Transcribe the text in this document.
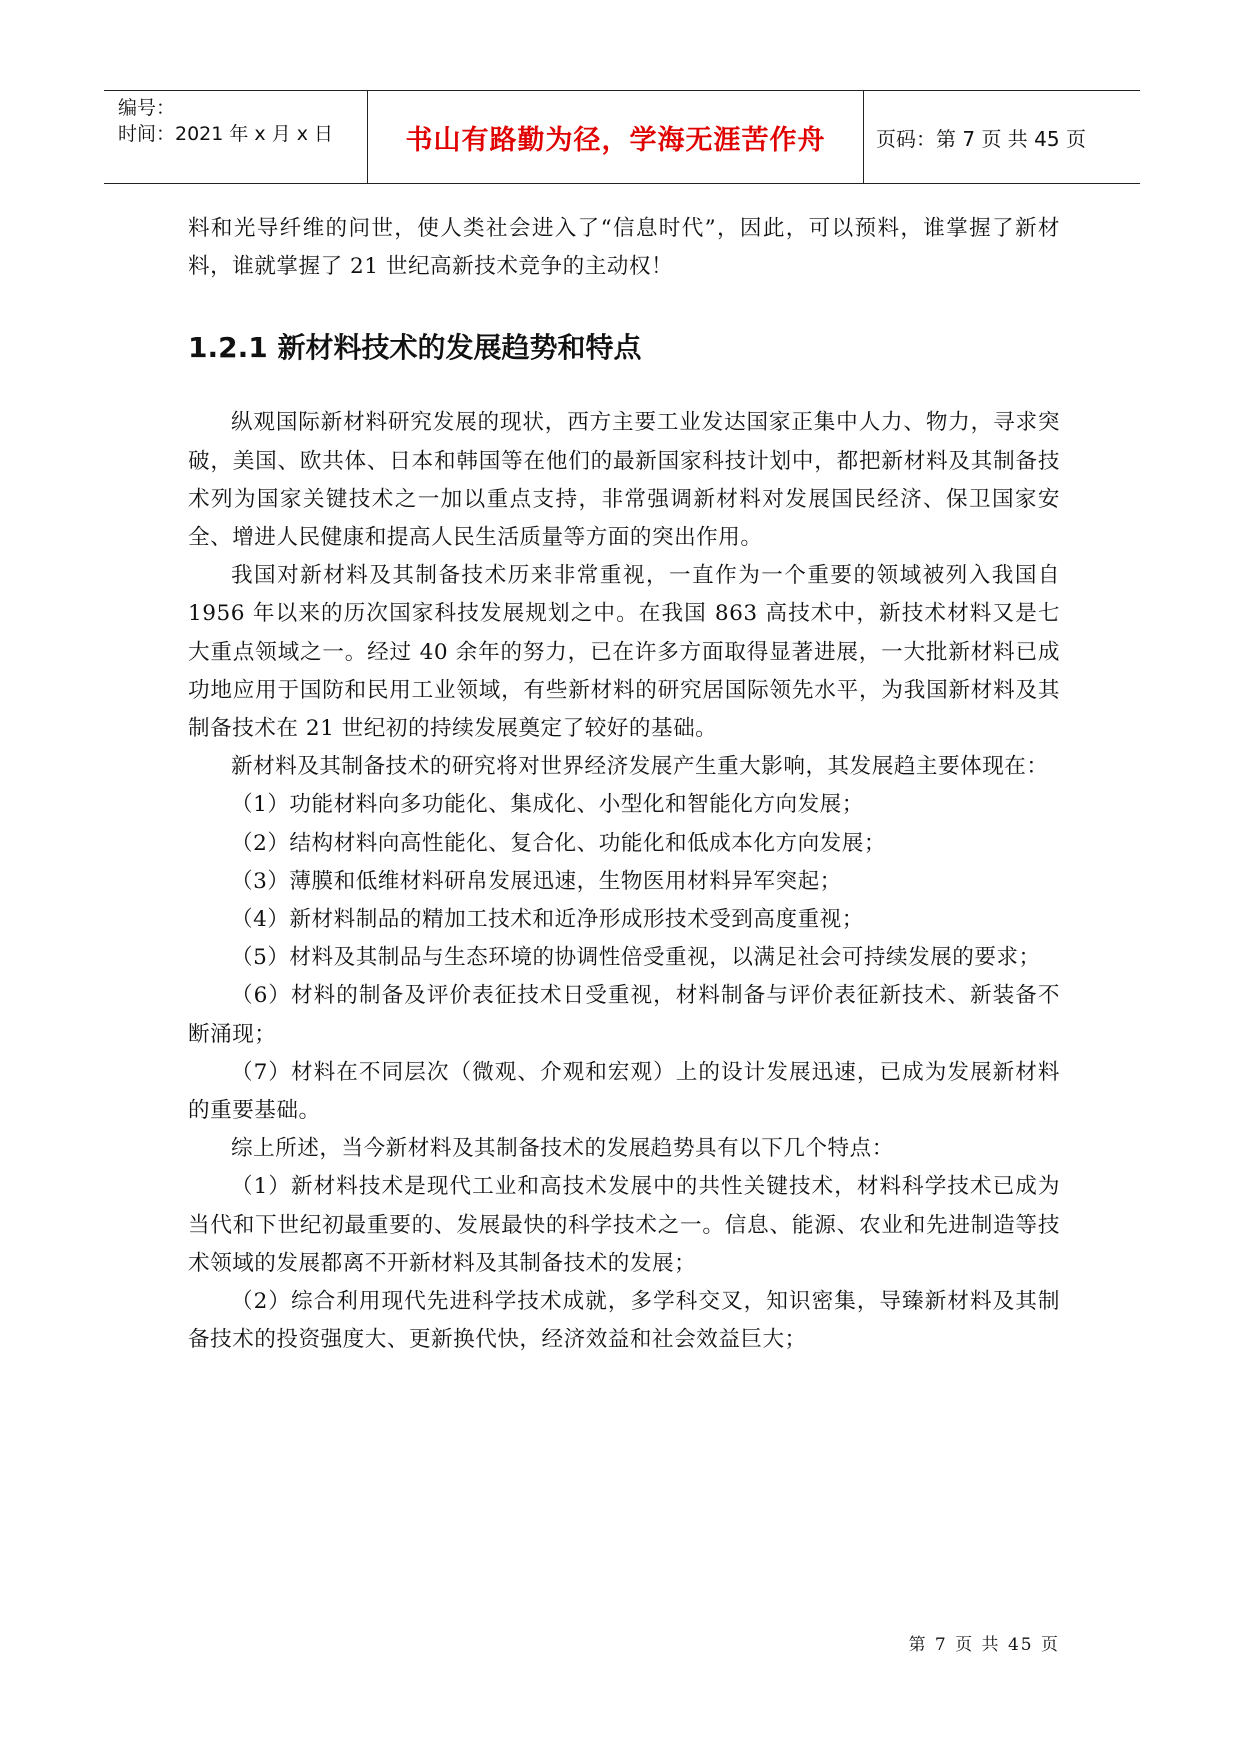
编号：
时间：2021 年 x 月 x 日	书山有路勤为径，学海无涯苦作舟	页码：第 7 页 共 45 页

料和光导纤维的问世，使人类社会进入了“信息时代”，因此，可以预料，谁掌握了新材料，谁就掌握了 21 世纪高新技术竞争的主动权！

1.2.1 新材料技术的发展趋势和特点

纵观国际新材料研究发展的现状，西方主要工业发达国家正集中人力、物力，寻求突破，美国、欧共体、日本和韩国等在他们的最新国家科技计划中，都把新材料及其制备技术列为国家关键技术之一加以重点支持，非常强调新材料对发展国民经济、保卫国家安全、增进人民健康和提高人民生活质量等方面的突出作用。

我国对新材料及其制备技术历来非常重视，一直作为一个重要的领域被列入我国自 1956 年以来的历次国家科技发展规划之中。在我国 863 高技术中，新技术材料又是七大重点领域之一。经过 40 余年的努力，已在许多方面取得显著进展，一大批新材料已成功地应用于国防和民用工业领域，有些新材料的研究居国际领先水平，为我国新材料及其制备技术在 21 世纪初的持续发展奠定了较好的基础。

新材料及其制备技术的研究将对世界经济发展产生重大影响，其发展趋主要体现在：

（1）功能材料向多功能化、集成化、小型化和智能化方向发展；

（2）结构材料向高性能化、复合化、功能化和低成本化方向发展；

（3）薄膜和低维材料研帛发展迅速，生物医用材料异军突起；

（4）新材料制品的精加工技术和近净形成形技术受到高度重视；

（5）材料及其制品与生态环境的协调性倍受重视，以满足社会可持续发展的要求；

（6）材料的制备及评价表征技术日受重视，材料制备与评价表征新技术、新装备不断涌现；

（7）材料在不同层次（微观、介观和宏观）上的设计发展迅速，已成为发展新材料的重要基础。

综上所述，当今新材料及其制备技术的发展趋势具有以下几个特点：

（1）新材料技术是现代工业和高技术发展中的共性关键技术，材料科学技术已成为当代和下世纪初最重要的、发展最快的科学技术之一。信息、能源、农业和先进制造等技术领域的发展都离不开新材料及其制备技术的发展；

（2）综合利用现代先进科学技术成就，多学科交叉，知识密集，导臻新材料及其制备技术的投资强度大、更新换代快，经济效益和社会效益巨大；

第 7 页 共 45 页
